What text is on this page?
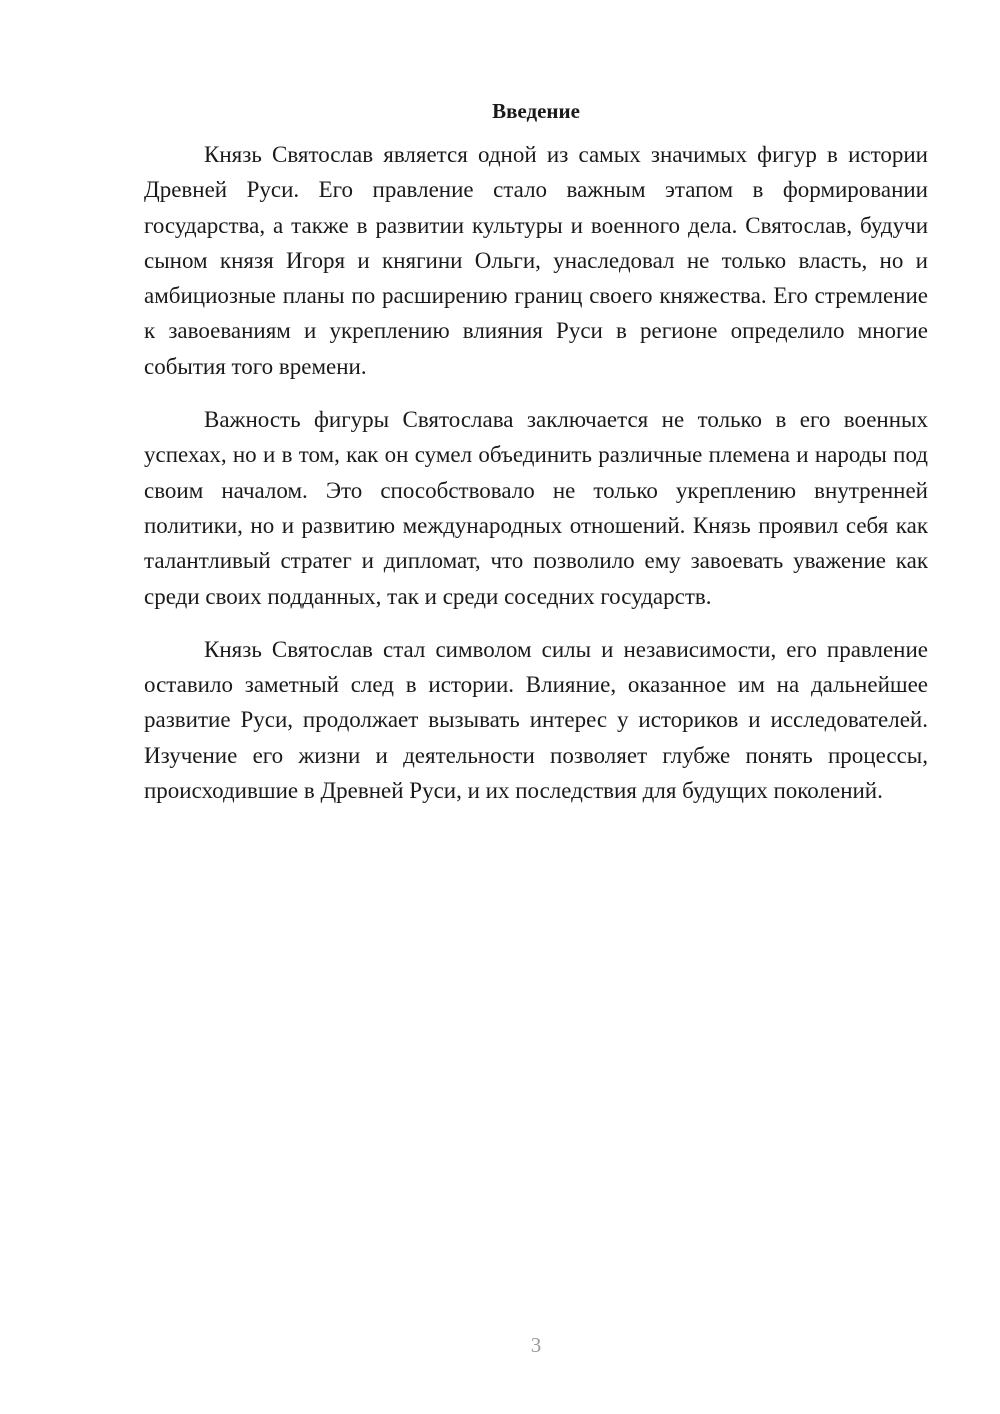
Введение

Князь Святослав является одной из самых значимых фигур в истории Древней Руси. Его правление стало важным этапом в формировании государства, а также в развитии культуры и военного дела. Святослав, будучи сыном князя Игоря и княгини Ольги, унаследовал не только власть, но и амбициозные планы по расширению границ своего княжества. Его стремление к завоеваниям и укреплению влияния Руси в регионе определило многие события того времени.

Важность фигуры Святослава заключается не только в его военных успехах, но и в том, как он сумел объединить различные племена и народы под своим началом. Это способствовало не только укреплению внутренней политики, но и развитию международных отношений. Князь проявил себя как талантливый стратег и дипломат, что позволило ему завоевать уважение как среди своих подданных, так и среди соседних государств.

Князь Святослав стал символом силы и независимости, его правление оставило заметный след в истории. Влияние, оказанное им на дальнейшее развитие Руси, продолжает вызывать интерес у историков и исследователей. Изучение его жизни и деятельности позволяет глубже понять процессы, происходившие в Древней Руси, и их последствия для будущих поколений.

3
